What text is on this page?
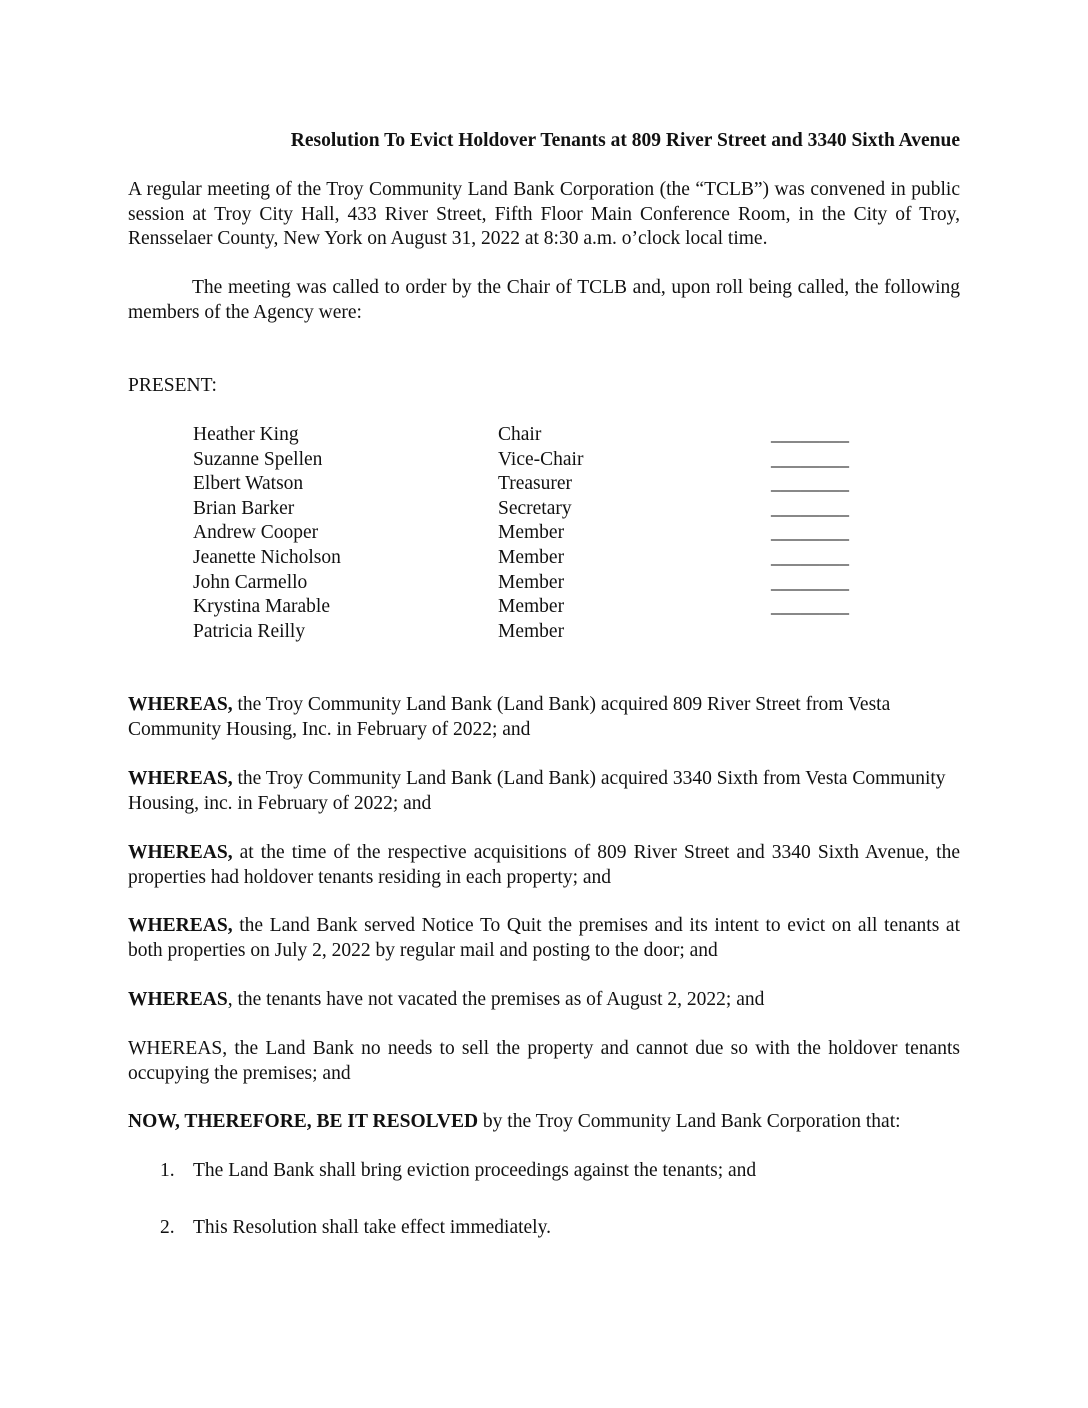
Resolution To Evict Holdover Tenants at 809 River Street and 3340 Sixth Avenue
A regular meeting of the Troy Community Land Bank Corporation (the “TCLB”) was convened in public session at Troy City Hall, 433 River Street, Fifth Floor Main Conference Room, in the City of Troy, Rensselaer County, New York on August 31, 2022 at 8:30 a.m. o’clock local time.
The meeting was called to order by the Chair of TCLB and, upon roll being called, the following members of the Agency were:
PRESENT:
Heather King	Chair	________
Suzanne Spellen	Vice-Chair	________
Elbert Watson	Treasurer	________
Brian Barker	Secretary	________
Andrew Cooper	Member	________
Jeanette Nicholson	Member	________
John Carmello	Member	________
Krystina Marable	Member	________
Patricia Reilly	Member
WHEREAS, the Troy Community Land Bank (Land Bank) acquired 809 River Street from Vesta Community Housing, Inc. in February of 2022; and
WHEREAS, the Troy Community Land Bank (Land Bank) acquired 3340 Sixth from Vesta Community Housing, inc. in February of 2022; and
WHEREAS, at the time of the respective acquisitions of 809 River Street and 3340 Sixth Avenue, the properties had holdover tenants residing in each property; and
WHEREAS, the Land Bank served Notice To Quit the premises and its intent to evict on all tenants at both properties on July 2, 2022 by regular mail and posting to the door; and
WHEREAS, the tenants have not vacated the premises as of August 2, 2022; and
WHEREAS, the Land Bank no needs to sell the property and cannot due so with the holdover tenants occupying the premises; and
NOW, THEREFORE, BE IT RESOLVED by the Troy Community Land Bank Corporation that:
1. The Land Bank shall bring eviction proceedings against the tenants; and
2. This Resolution shall take effect immediately.
